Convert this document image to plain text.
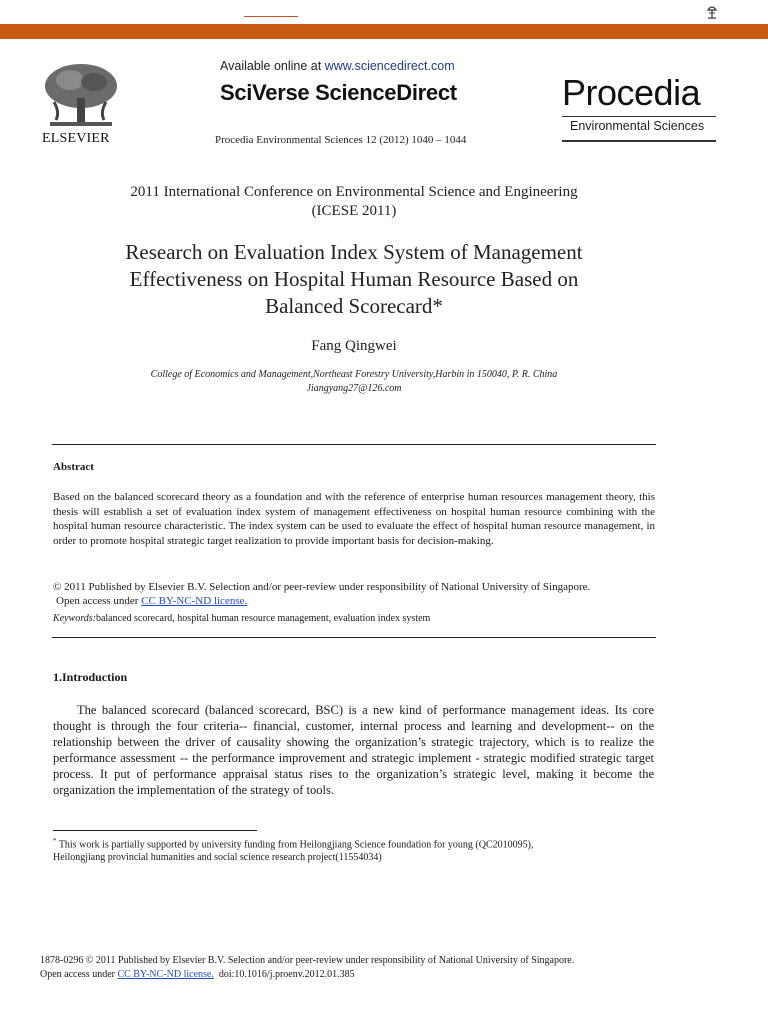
ELSEVIER
Available online at www.sciencedirect.com
SciVerse ScienceDirect
Procedia Environmental Sciences 12 (2012) 1040 – 1044
Procedia
Environmental Sciences
2011 International Conference on Environmental Science and Engineering
(ICESE 2011)
Research on Evaluation Index System of Management
Effectiveness on Hospital Human Resource Based on
Balanced Scorecard*
Fang Qingwei
College of Economics and Management,Northeast Forestry University,Harbin in 150040, P. R. China
Jiangyang27@126.com
Abstract
Based on the balanced scorecard theory as a foundation and with the reference of enterprise human resources management theory, this thesis will establish a set of evaluation index system of management effectiveness on hospital human resource combining with the hospital human resource characteristic. The index system can be used to evaluate the effect of hospital human resource management, in order to promote hospital strategic target realization to provide important basis for decision-making.
© 2011 Published by Elsevier B.V. Selection and/or peer-review under responsibility of National University of Singapore.
Open access under CC BY-NC-ND license.
Keywords:balanced scorecard, hospital human resource management, evaluation index system
1.Introduction
The balanced scorecard (balanced scorecard, BSC) is a new kind of performance management ideas. Its core thought is through the four criteria-- financial, customer, internal process and learning and development-- on the relationship between the driver of causality showing the organization’s strategic trajectory, which is to realize the performance assessment -- the performance improvement and strategic implement - strategic modified strategic target process. It put of performance appraisal status rises to the organization’s strategic level, making it become the organization the implementation of the strategy of tools.
* This work is partially supported by university funding from Heilongjiang Science foundation for young (QC2010095),
Heilongjiang provincial humanities and social science research project(11554034)
1878-0296 © 2011 Published by Elsevier B.V. Selection and/or peer-review under responsibility of National University of Singapore.
Open access under CC BY-NC-ND license. doi:10.1016/j.proenv.2012.01.385
